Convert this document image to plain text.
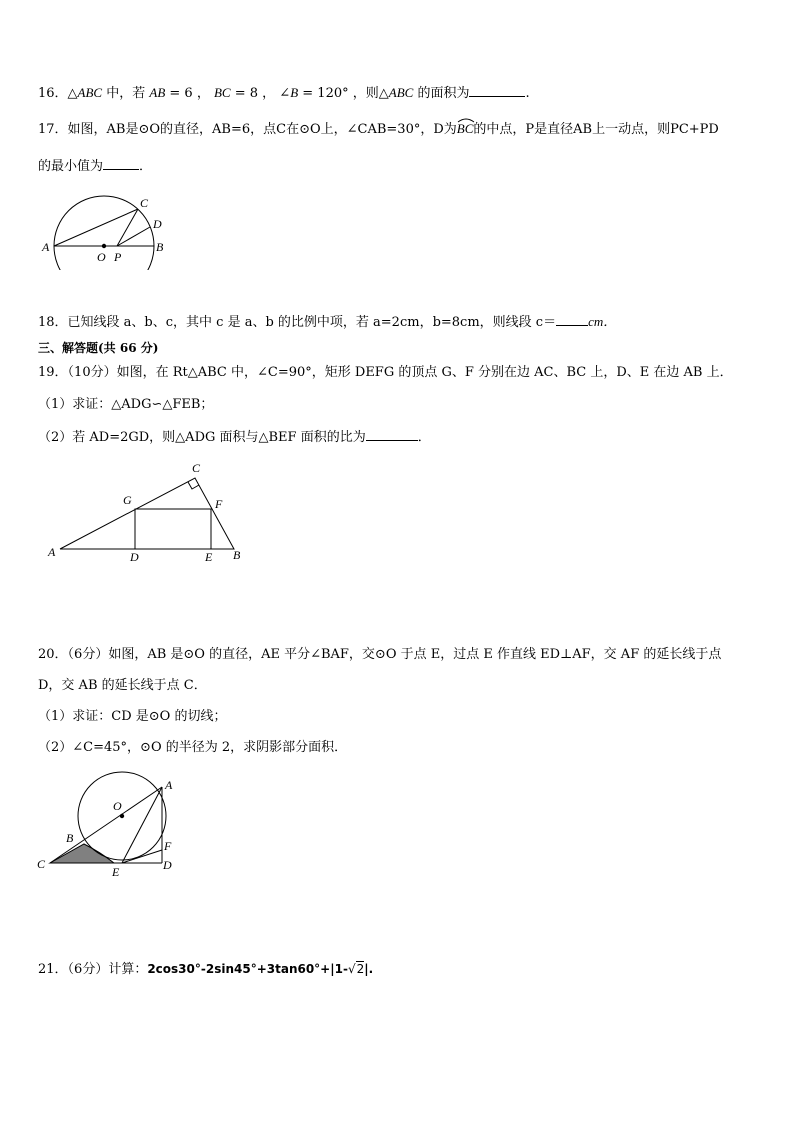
16．△ABC 中，若 AB = 6 ， BC = 8 ， ∠B = 120° ，则△ABC 的面积为	.
17．如图，AB是⊙O的直径，AB=6，点C在⊙O上，∠CAB=30°，D为BC
的中点，P是直径AB上一动点，则PC+PD
的最小值为	．
A	B
C
D
O P
18．已知线段 a、b、c，其中 c 是 a、b 的比例中项，若 a=2cm，b=8cm，则线段 c＝ cm．
三、解答题(共 66 分)
19．（10分）如图，在 Rt△ABC 中，∠C=90°，矩形 DEFG 的顶点 G、F 分别在边 AC、BC 上，D、E 在边 AB 上．
（1）求证：△ADG∽△FEB；
（2）若 AD=2GD，则△ADG 面积与△BEF 面积的比为	．
A	B
C
D	E
F
G
20．（6分）如图，AB 是⊙O 的直径，AE 平分∠BAF，交⊙O 于点 E，过点 E 作直线 ED⊥AF，交 AF 的延长线于点
D，交 AB 的延长线于点 C．
（1）求证：CD 是⊙O 的切线；
（2）∠C=45°，⊙O 的半径为 2，求阴影部分面积．
A
B
C	D
E
F
O
21．（6分）计算：2cos30°-2sin45°+3tan60°+|1-√2|.
